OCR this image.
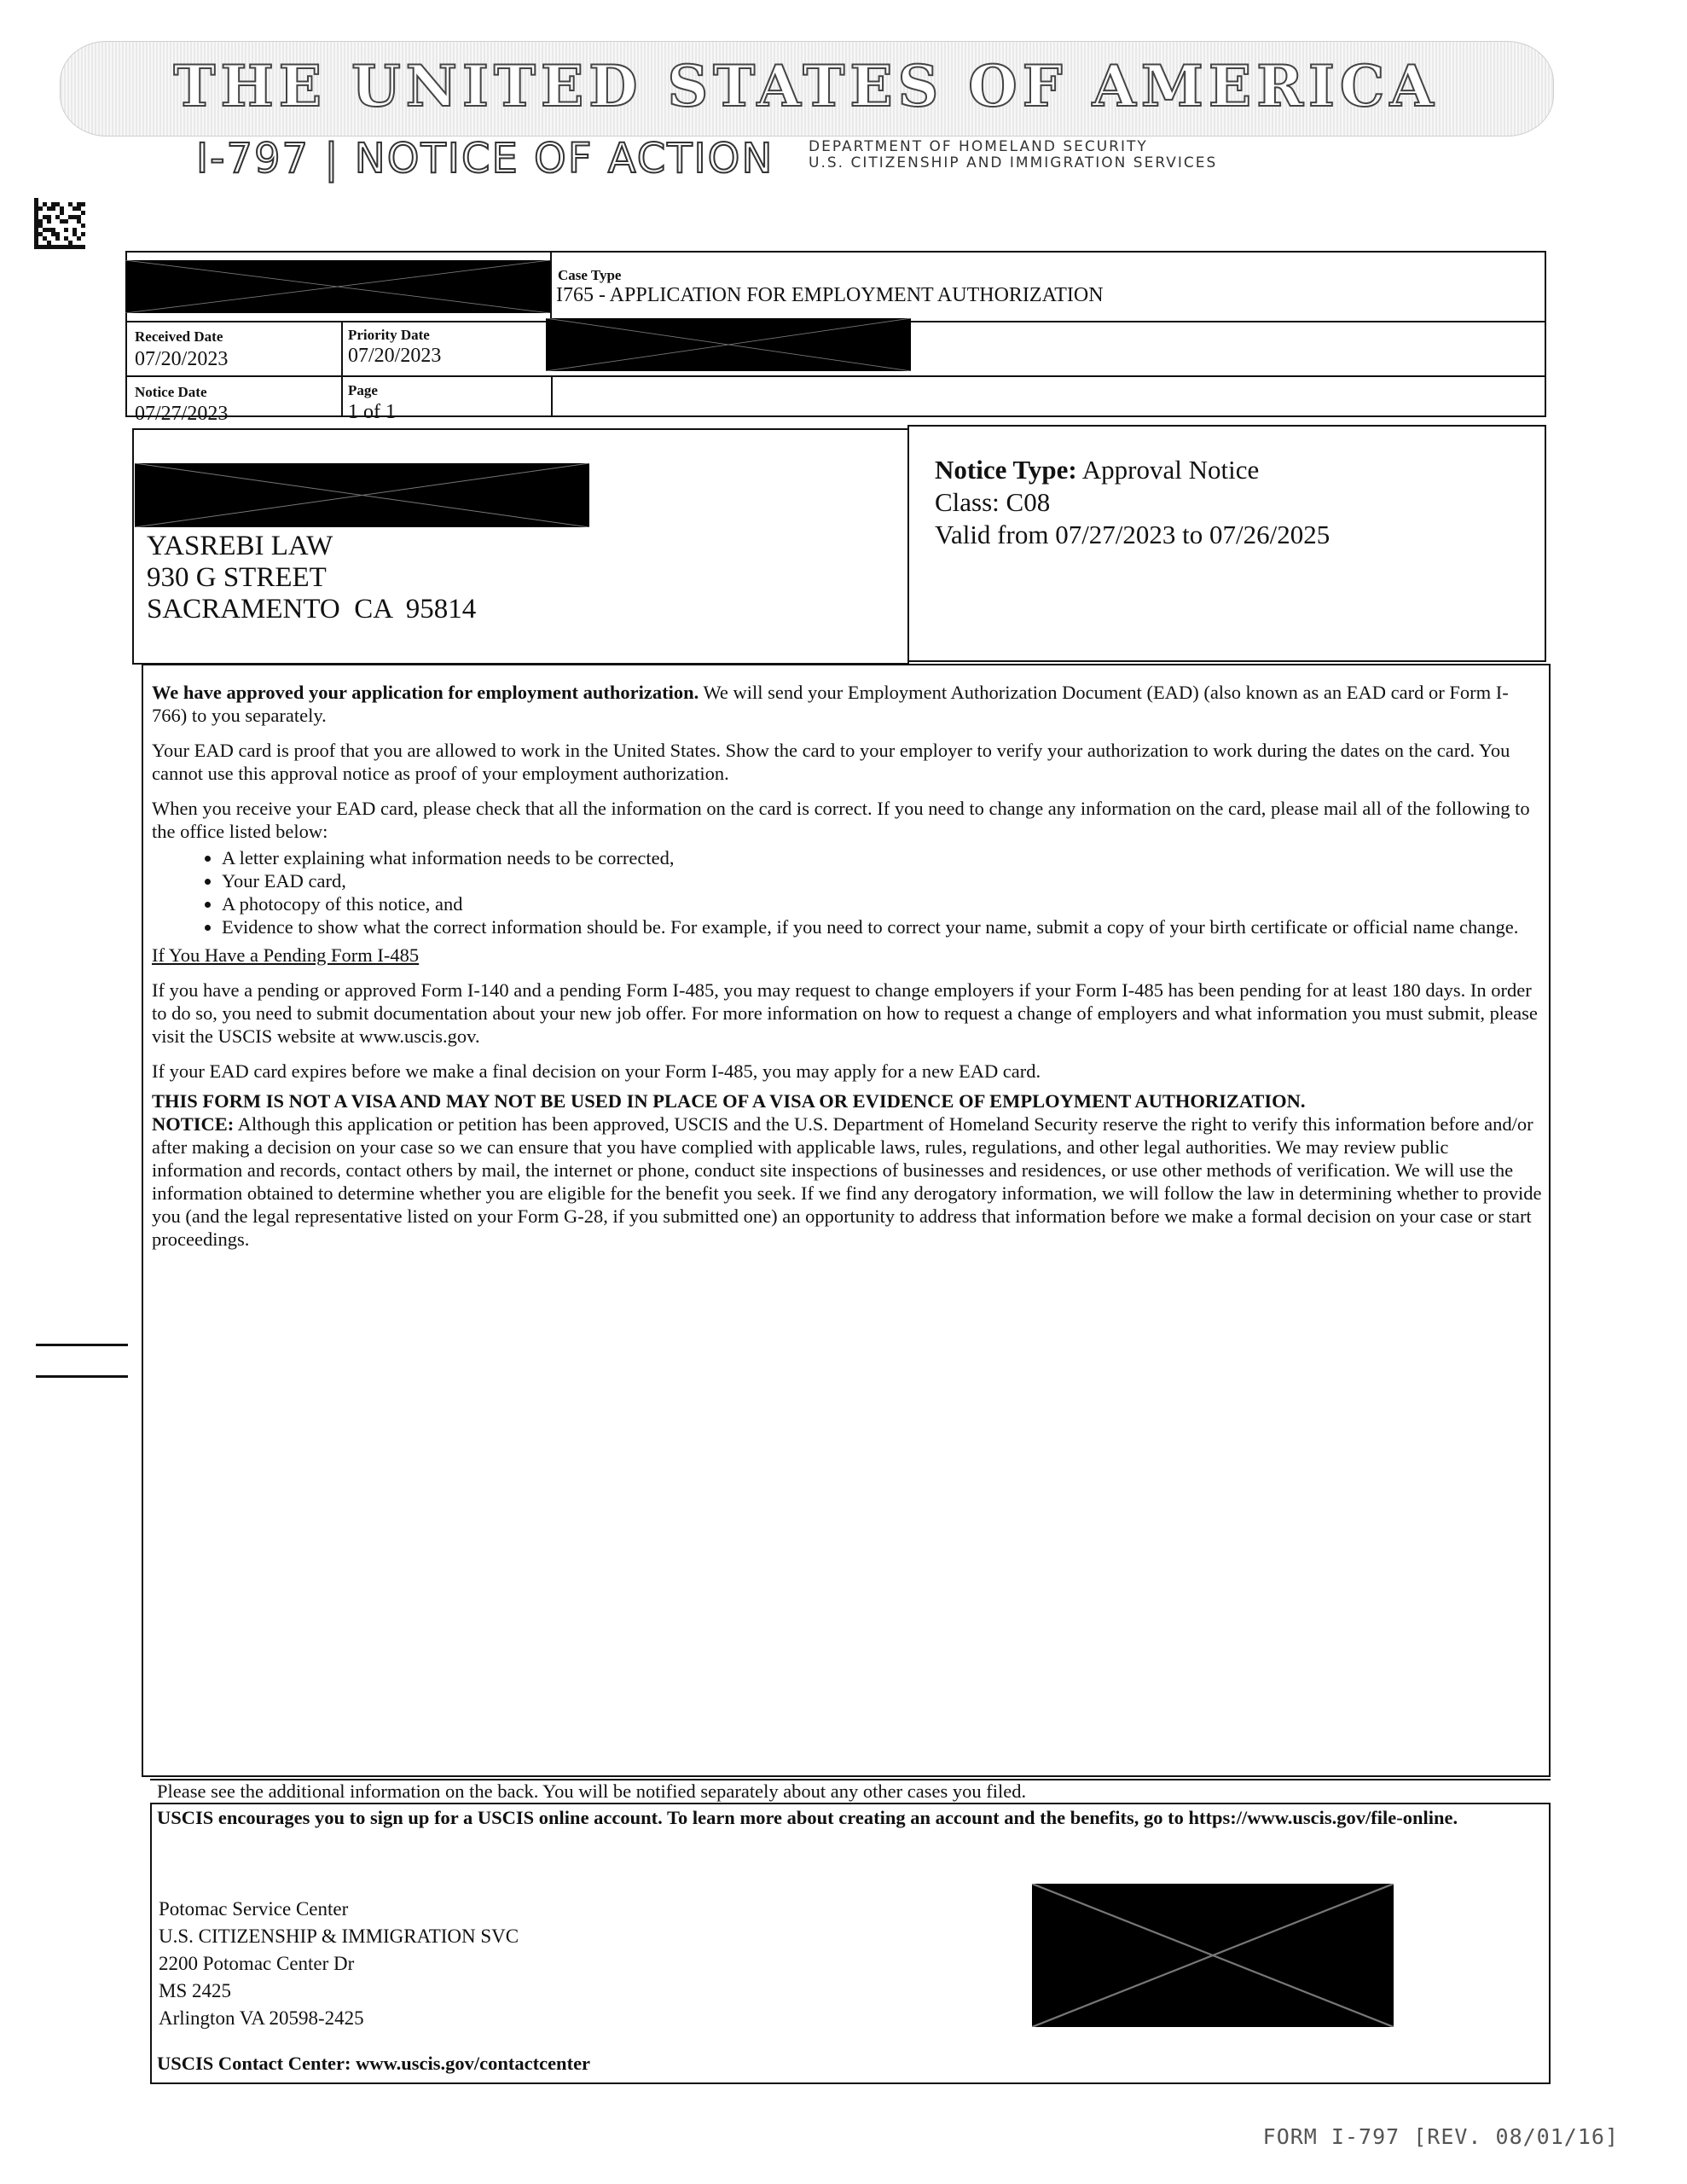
THE UNITED STATES OF AMERICA
I-797 | NOTICE OF ACTION DEPARTMENT OF HOMELAND SECURITY
U.S. CITIZENSHIP AND IMMIGRATION SERVICES
Case Type
I765 - APPLICATION FOR EMPLOYMENT AUTHORIZATION
Received Date
07/20/2023
Priority Date
07/20/2023
Notice Date
07/27/2023
Page
1 of 1
YASREBI LAW
930 G STREET
SACRAMENTO  CA  95814
Notice Type: Approval Notice
Class: C08
Valid from 07/27/2023 to 07/26/2025

We have approved your application for employment authorization. We will send your Employment Authorization Document (EAD) (also known as an EAD card or Form I-766) to you separately.

Your EAD card is proof that you are allowed to work in the United States. Show the card to your employer to verify your authorization to work during the dates on the card. You cannot use this approval notice as proof of your employment authorization.

When you receive your EAD card, please check that all the information on the card is correct. If you need to change any information on the card, please mail all of the following to the office listed below:

• A letter explaining what information needs to be corrected,
• Your EAD card,
• A photocopy of this notice, and
• Evidence to show what the correct information should be. For example, if you need to correct your name, submit a copy of your birth certificate or official name change.

If You Have a Pending Form I-485

If you have a pending or approved Form I-140 and a pending Form I-485, you may request to change employers if your Form I-485 has been pending for at least 180 days. In order to do so, you need to submit documentation about your new job offer. For more information on how to request a change of employers and what information you must submit, please visit the USCIS website at www.uscis.gov.

If your EAD card expires before we make a final decision on your Form I-485, you may apply for a new EAD card.

THIS FORM IS NOT A VISA AND MAY NOT BE USED IN PLACE OF A VISA OR EVIDENCE OF EMPLOYMENT AUTHORIZATION.
NOTICE: Although this application or petition has been approved, USCIS and the U.S. Department of Homeland Security reserve the right to verify this information before and/or after making a decision on your case so we can ensure that you have complied with applicable laws, rules, regulations, and other legal authorities. We may review public information and records, contact others by mail, the internet or phone, conduct site inspections of businesses and residences, or use other methods of verification. We will use the information obtained to determine whether you are eligible for the benefit you seek. If we find any derogatory information, we will follow the law in determining whether to provide you (and the legal representative listed on your Form G-28, if you submitted one) an opportunity to address that information before we make a formal decision on your case or start proceedings.

Please see the additional information on the back. You will be notified separately about any other cases you filed.
USCIS encourages you to sign up for a USCIS online account. To learn more about creating an account and the benefits, go to https://www.uscis.gov/file-online.
Potomac Service Center
U.S. CITIZENSHIP & IMMIGRATION SVC
2200 Potomac Center Dr
MS 2425
Arlington VA 20598-2425
USCIS Contact Center: www.uscis.gov/contactcenter
FORM I-797 [REV. 08/01/16]
